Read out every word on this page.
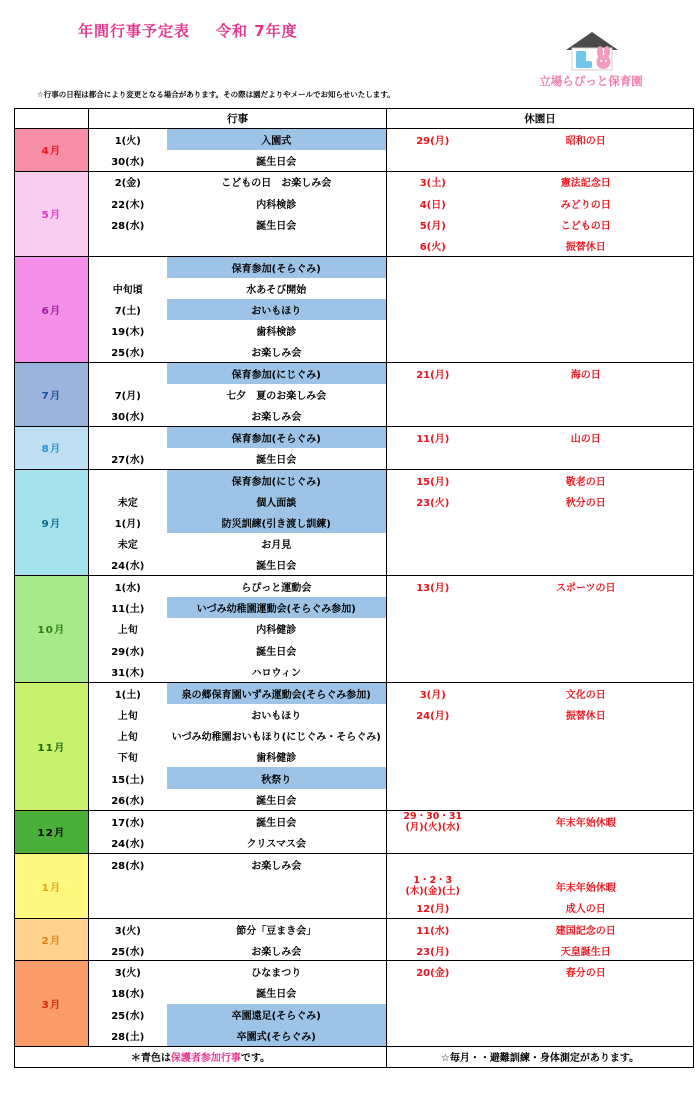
年間行事予定表 令和 7年度
立場らぴっと保育園
☆行事の日程は都合により変更となる場合があります。その際は園だよりやメールでお知らせいたします。
	行事		休園日	
4月	1(火)	入園式	29(月)	昭和の日
	30(水)	誕生日会		
5月	2(金)	こどもの日　お楽しみ会	3(土)	憲法記念日
	22(木)	内科検診	4(日)	みどりの日
	28(水)	誕生日会	5(月)	こどもの日
			6(火)	振替休日
6月		保育参加(そらぐみ)		
	中旬頃	水あそび開始		
	7(土)	おいもほり		
	19(木)	歯科検診		
	25(水)	お楽しみ会		
7月		保育参加(にじぐみ)	21(月)	海の日
	7(月)	七夕　夏のお楽しみ会		
	30(水)	お楽しみ会		
8月		保育参加(そらぐみ)	11(月)	山の日
	27(水)	誕生日会		
9月		保育参加(にじぐみ)	15(月)	敬老の日
	未定	個人面談	23(火)	秋分の日
	1(月)	防災訓練(引き渡し訓練)		
	未定	お月見		
	24(水)	誕生日会		
10月	1(水)	らぴっと運動会	13(月)	スポーツの日
	11(土)	いづみ幼稚園運動会(そらぐみ参加)		
	上旬	内科健診		
	29(水)	誕生日会		
	31(木)	ハロウィン		
11月	1(土)	泉の郷保育園いずみ運動会(そらぐみ参加)	3(月)	文化の日
	上旬	おいもほり	24(月)	振替休日
	上旬	いづみ幼稚園おいもほり(にじぐみ・そらぐみ)		
	下旬	歯科健診		
	15(土)	秋祭り		
	26(水)	誕生日会		
12月	17(水)	誕生日会	29・30・31
(月)(火)(水)	年末年始休暇
	24(水)	クリスマス会		
1月	28(水)	お楽しみ会		
			1・2・3
(木)(金)(土)	年末年始休暇
			12(月)	成人の日
2月	3(火)	節分「豆まき会」	11(水)	建国記念の日
	25(水)	お楽しみ会	23(月)	天皇誕生日
3月	3(火)	ひなまつり	20(金)	春分の日
	18(水)	誕生日会		
	25(水)	卒園遠足(そらぐみ)		
	28(土)	卒園式(そらぐみ)		
＊青色は保護者参加行事です。			☆毎月・・避難訓練・身体測定があります。	
